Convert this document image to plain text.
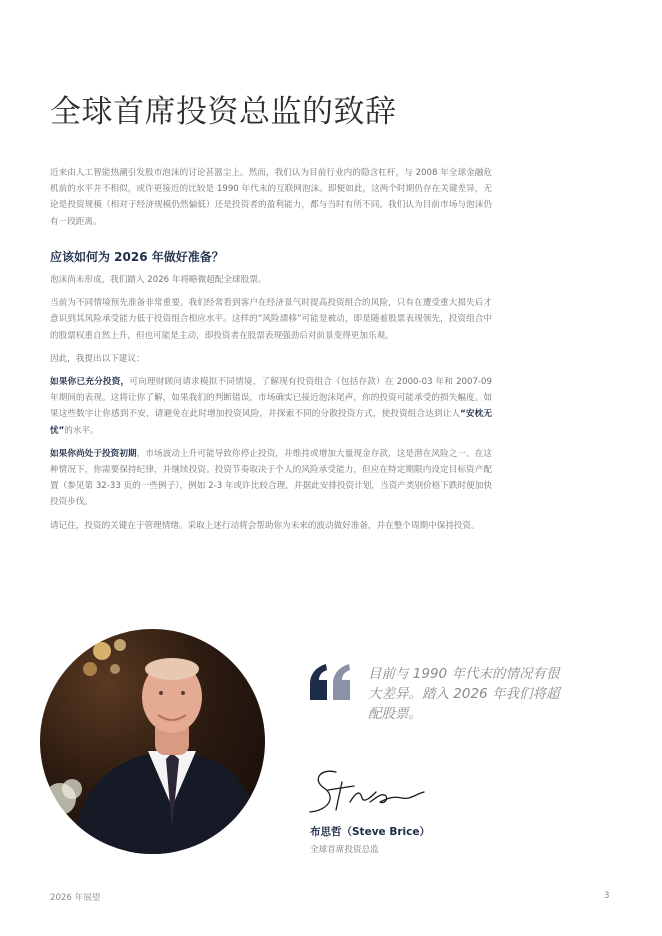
全球首席投资总监的致辞

近来由人工智能热潮引发股市泡沫的讨论甚嚣尘上。然而，我们认为目前行业内的隐含杠杆，与 2008 年全球金融危机前的水平并不相似，或许更接近的比较是 1990 年代末的互联网泡沫。即便如此，这两个时期仍存在关键差异，无论是投资规模（相对于经济规模仍然偏低）还是投资者的盈利能力，都与当时有所不同。我们认为目前市场与泡沫仍有一段距离。

应该如何为 2026 年做好准备？

泡沫尚未形成，我们踏入 2026 年将略微超配全球股票。

当前为不同情境预先准备非常重要。我们经常看到客户在经济景气时提高投资组合的风险，只有在遭受重大损失后才意识到其风险承受能力低于投资组合相应水平。这样的“风险漂移”可能是被动，即是随着股票表现领先，投资组合中的股票权重自然上升，但也可能是主动，即投资者在股票表现强劲后对前景变得更加乐观。

因此，我提出以下建议：

如果你已充分投资，可向理财顾问请求模拟不同情境，了解现有投资组合（包括存款）在 2000-03 年和 2007-09 年期间的表现。这将让你了解，如果我们的判断错误，市场确实已接近泡沫尾声，你的投资可能承受的损失幅度。如果这些数字让你感到不安，请避免在此时增加投资风险，并探索不同的分散投资方式，使投资组合达到让人“安枕无忧”的水平。

如果你尚处于投资初期，市场波动上升可能导致你停止投资，并维持或增加大量现金存款，这是潜在风险之一。在这种情况下，你需要保持纪律，并继续投资。投资节奏取决于个人的风险承受能力，但应在特定期限内设定目标资产配置（参见第 32-33 页的一些例子），例如 2-3 年或许比较合理，并据此安排投资计划，当资产类别价格下跌时便加快投资步伐。

请记住，投资的关键在于管理情绪。采取上述行动将会帮助你为未来的波动做好准备，并在整个周期中保持投资。

目前与 1990 年代末的情况有很大差异。踏入 2026 年我们将超配股票。
布思哲（Steve Brice）
全球首席投资总监
2026 年展望	3
